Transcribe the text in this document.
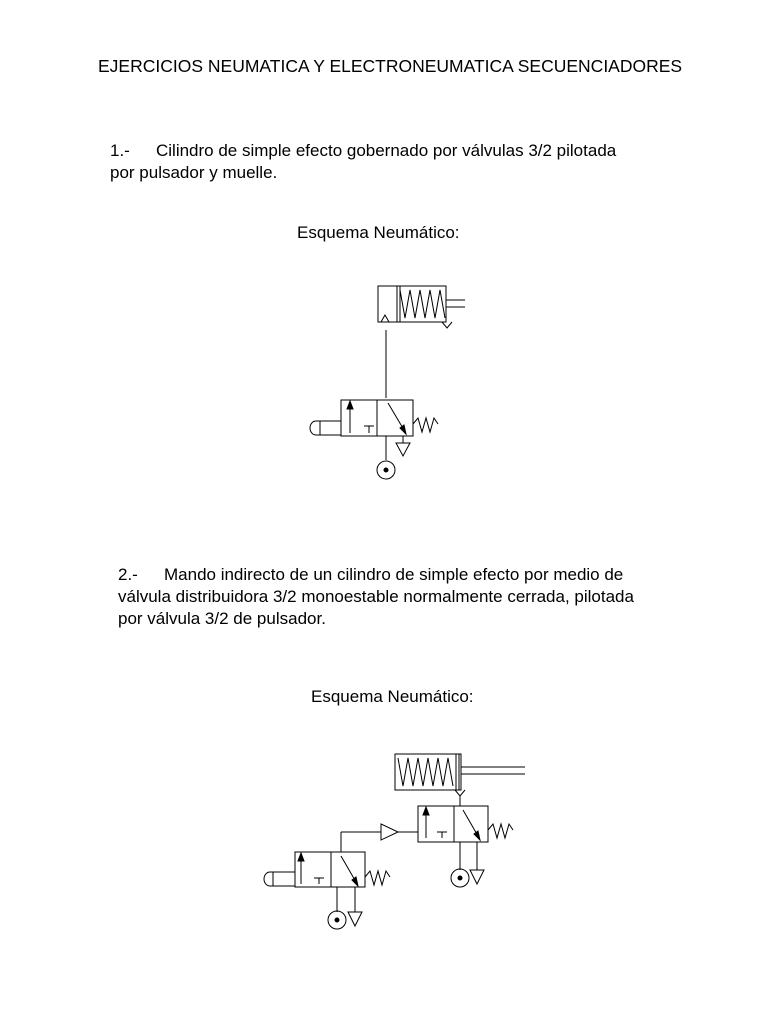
EJERCICIOS NEUMATICA Y ELECTRONEUMATICA SECUENCIADORES
1.- Cilindro de simple efecto gobernado por válvulas 3/2 pilotada
por pulsador y muelle.
Esquema Neumático:
2.- Mando indirecto de un cilindro de simple efecto por medio de
válvula distribuidora 3/2 monoestable normalmente cerrada, pilotada
por válvula 3/2 de pulsador.
Esquema Neumático:
